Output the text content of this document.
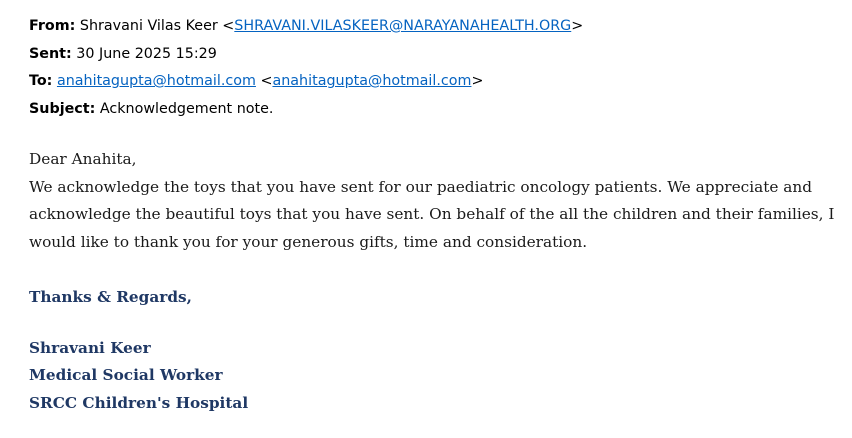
From: Shravani Vilas Keer <SHRAVANI.VILASKEER@NARAYANAHEALTH.ORG>
Sent: 30 June 2025 15:29
To: anahitagupta@hotmail.com <anahitagupta@hotmail.com>
Subject: Acknowledgement note.
Dear Anahita,
We acknowledge the toys that you have sent for our paediatric oncology patients. We appreciate and
acknowledge the beautiful toys that you have sent. On behalf of the all the children and their families, I
would like to thank you for your generous gifts, time and consideration.
Thanks & Regards,
Shravani Keer
Medical Social Worker
SRCC Children's Hospital
